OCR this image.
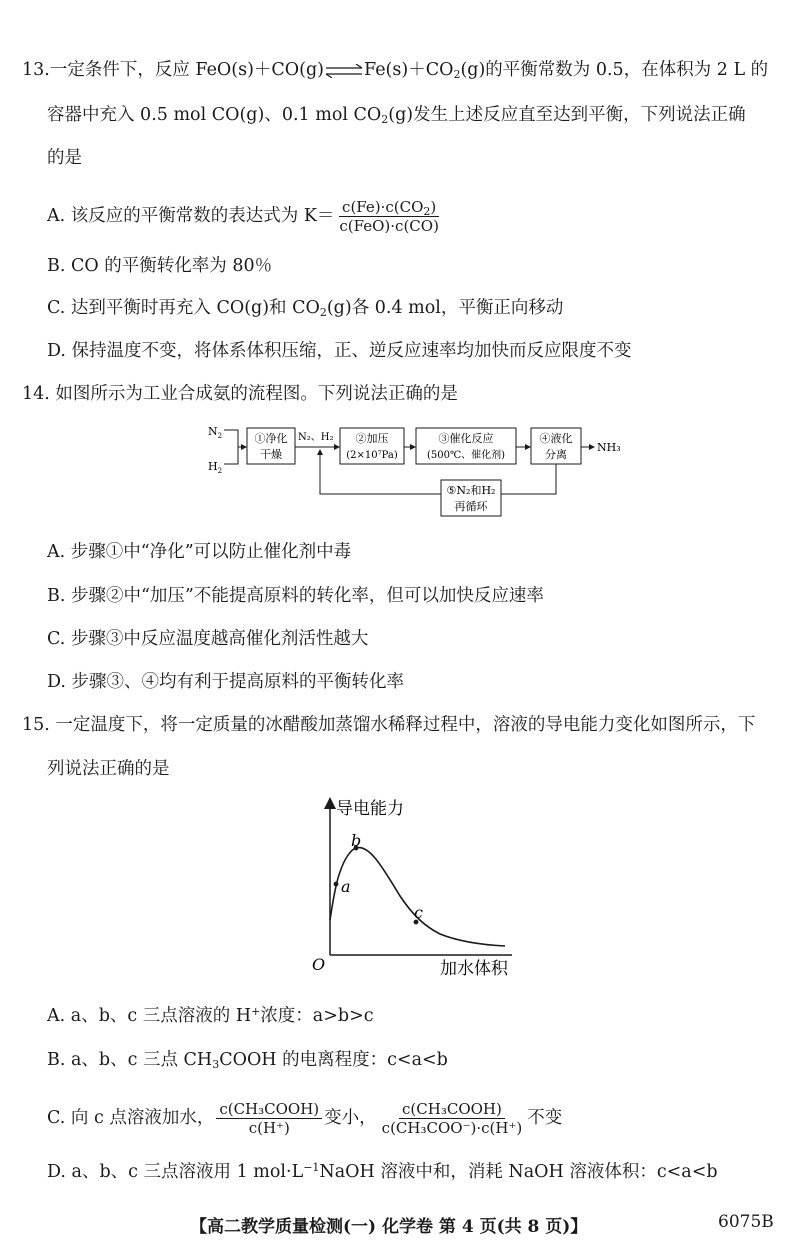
13.一定条件下，反应 $FeO(s)+CO(g)\rightleftharpoons Fe(s)+CO_2(g)$的平衡常数为 0.5，在体积为 2 L 的
容器中充入 0.5 mol CO(g)、0.1 mol $CO_2(g)$发生上述反应直至达到平衡，下列说法正确
的是
A. 该反应的平衡常数的表达式为 $K= \frac{c(Fe)\cdot c(CO_2)}{\text{c(FeO)·c(CO)}}$
B. CO 的平衡转化率为 80％
C. 达到平衡时再充入 CO(g)和 $CO_2(g)$各 0.4 mol，平衡正向移动
D. 保持温度不变，将体系体积压缩，正、逆反应速率均加快而反应限度不变
14. 如图所示为工业合成氨的流程图。下列说法正确的是
$N_2$
$H_2$
①净化
干燥
N₂、H₂ ②加压
(2×10⁷Pa)
③催化反应
(500℃、催化剂)
④液化
分离
NH₃
⑤N₂和H₂
再循环
A. 步骤①中“净化”可以防止催化剂中毒
B. 步骤②中“加压”不能提高原料的转化率，但可以加快反应速率
C. 步骤③中反应温度越高催化剂活性越大
D. 步骤③、④均有利于提高原料的平衡转化率
15. 一定温度下，将一定质量的冰醋酸加蒸馏水稀释过程中，溶液的导电能力变化如图所示，下
列说法正确的是
导电能力
加水体积
O
a
b
c
A. a、b、c 三点溶液的 H+浓度：a>b>c
B. a、b、c 三点 $CH_3COOH$ 的电离程度：c<a<b
C. 向 c 点溶液加水， $\frac{\text{c(CH₃COOH)}}{c(H^+)}$ 变小， $\frac{\text{c(CH₃COOH)}}{\text{c(CH₃COO⁻)·c(H⁺)}}$ 不变
D. a、b、c 三点溶液用 1 $mol\cdot L^{-1}NaOH$ 溶液中和，消耗 NaOH 溶液体积：c<a<b
【高二教学质量检测(一) 化学卷 第 4 页(共 8 页)】	6075B
